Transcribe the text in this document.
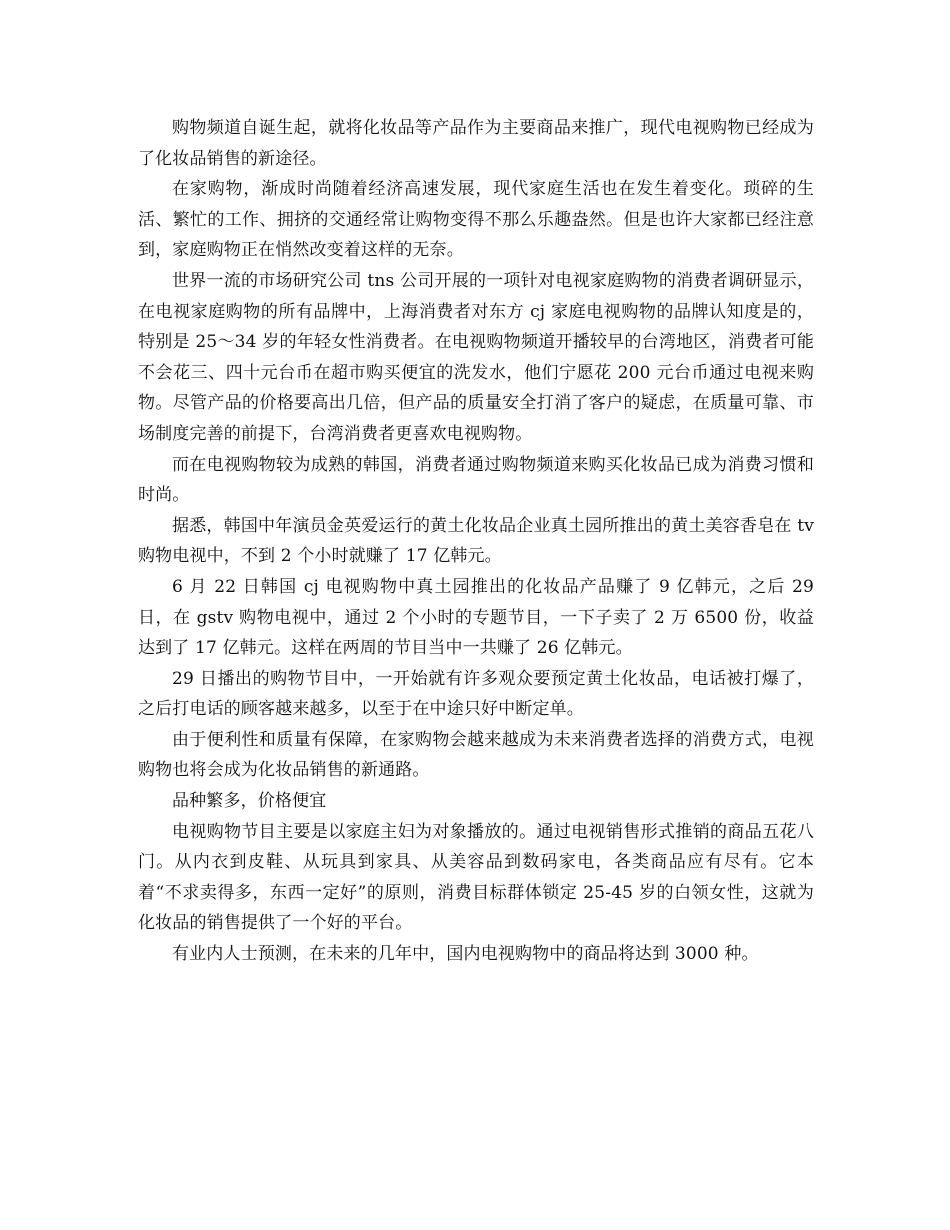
购物频道自诞生起，就将化妆品等产品作为主要商品来推广，现代电视购物已经成为了化妆品销售的新途径。

在家购物，渐成时尚随着经济高速发展，现代家庭生活也在发生着变化。琐碎的生活、繁忙的工作、拥挤的交通经常让购物变得不那么乐趣盎然。但是也许大家都已经注意到，家庭购物正在悄然改变着这样的无奈。

世界一流的市场研究公司 tns 公司开展的一项针对电视家庭购物的消费者调研显示，在电视家庭购物的所有品牌中，上海消费者对东方 cj 家庭电视购物的品牌认知度是的，特别是 25～34 岁的年轻女性消费者。在电视购物频道开播较早的台湾地区，消费者可能不会花三、四十元台币在超市购买便宜的洗发水，他们宁愿花 200 元台币通过电视来购物。尽管产品的价格要高出几倍，但产品的质量安全打消了客户的疑虑，在质量可靠、市场制度完善的前提下，台湾消费者更喜欢电视购物。

而在电视购物较为成熟的韩国，消费者通过购物频道来购买化妆品已成为消费习惯和时尚。

据悉，韩国中年演员金英爱运行的黄土化妆品企业真土园所推出的黄土美容香皂在 tv 购物电视中，不到 2 个小时就赚了 17 亿韩元。

6 月 22 日韩国 cj 电视购物中真土园推出的化妆品产品赚了 9 亿韩元，之后 29 日，在 gstv 购物电视中，通过 2 个小时的专题节目，一下子卖了 2 万 6500 份，收益达到了 17 亿韩元。这样在两周的节目当中一共赚了 26 亿韩元。

29 日播出的购物节目中，一开始就有许多观众要预定黄土化妆品，电话被打爆了，之后打电话的顾客越来越多，以至于在中途只好中断定单。

由于便利性和质量有保障，在家购物会越来越成为未来消费者选择的消费方式，电视购物也将会成为化妆品销售的新通路。

品种繁多，价格便宜

电视购物节目主要是以家庭主妇为对象播放的。通过电视销售形式推销的商品五花八门。从内衣到皮鞋、从玩具到家具、从美容品到数码家电，各类商品应有尽有。它本着“不求卖得多，东西一定好”的原则，消费目标群体锁定 25-45 岁的白领女性，这就为化妆品的销售提供了一个好的平台。

有业内人士预测，在未来的几年中，国内电视购物中的商品将达到 3000 种。
